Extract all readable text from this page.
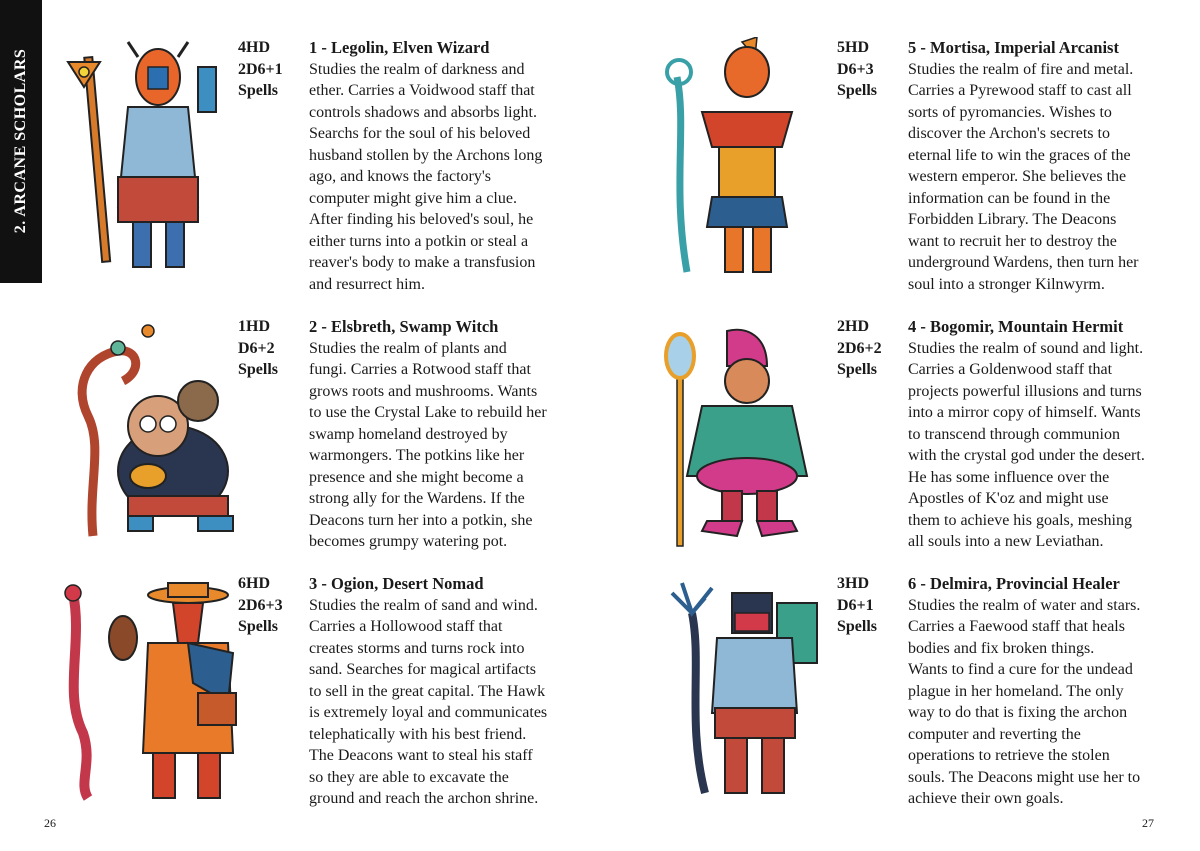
2. ARCANE SCHOLARS
4HD
2D6+1
Spells
1 - Legolin, Elven Wizard
Studies the realm of darkness and
ether. Carries a Voidwood staff that
controls shadows and absorbs light.
Searchs for the soul of his beloved
husband stollen by the Archons long
ago, and knows the factory's
computer might give him a clue.
After finding his beloved's soul, he
either turns into a potkin or steal a
reaver's body to make a transfusion
and resurrect him.
1HD
D6+2
Spells
2 - Elsbreth, Swamp Witch
Studies the realm of plants and
fungi. Carries a Rotwood staff that
grows roots and mushrooms. Wants
to use the Crystal Lake to rebuild her
swamp homeland destroyed by
warmongers. The potkins like her
presence and she might become a
strong ally for the Wardens. If the
Deacons turn her into a potkin, she
becomes grumpy watering pot.
6HD
2D6+3
Spells
3 - Ogion, Desert Nomad
Studies the realm of sand and wind.
Carries a Hollowood staff that
creates storms and turns rock into
sand. Searches for magical artifacts
to sell in the great capital. The Hawk
is extremely loyal and communicates
telephatically with his best friend.
The Deacons want to steal his staff
so they are able to excavate the
ground and reach the archon shrine.
5HD
D6+3
Spells
5 - Mortisa, Imperial Arcanist
Studies the realm of fire and metal.
Carries a Pyrewood staff to cast all
sorts of pyromancies. Wishes to
discover the Archon's secrets to
eternal life to win the graces of the
western emperor. She believes the
information can be found in the
Forbidden Library. The Deacons
want to recruit her to destroy the
underground Wardens, then turn her
soul into a stronger Kilnwyrm.
2HD
2D6+2
Spells
4 - Bogomir, Mountain Hermit
Studies the realm of sound and light.
Carries a Goldenwood staff that
projects powerful illusions and turns
into a mirror copy of himself. Wants
to transcend through communion
with the crystal god under the desert.
He has some influence over the
Apostles of K'oz and might use
them to achieve his goals, meshing
all souls into a new Leviathan.
3HD
D6+1
Spells
6 - Delmira, Provincial Healer
Studies the realm of water and stars.
Carries a Faewood staff that heals
bodies and fix broken things.
Wants to find a cure for the undead
plague in her homeland. The only
way to do that is fixing the archon
computer and reverting the
operations to retrieve the stolen
souls. The Deacons might use her to
achieve their own goals.
26	27
